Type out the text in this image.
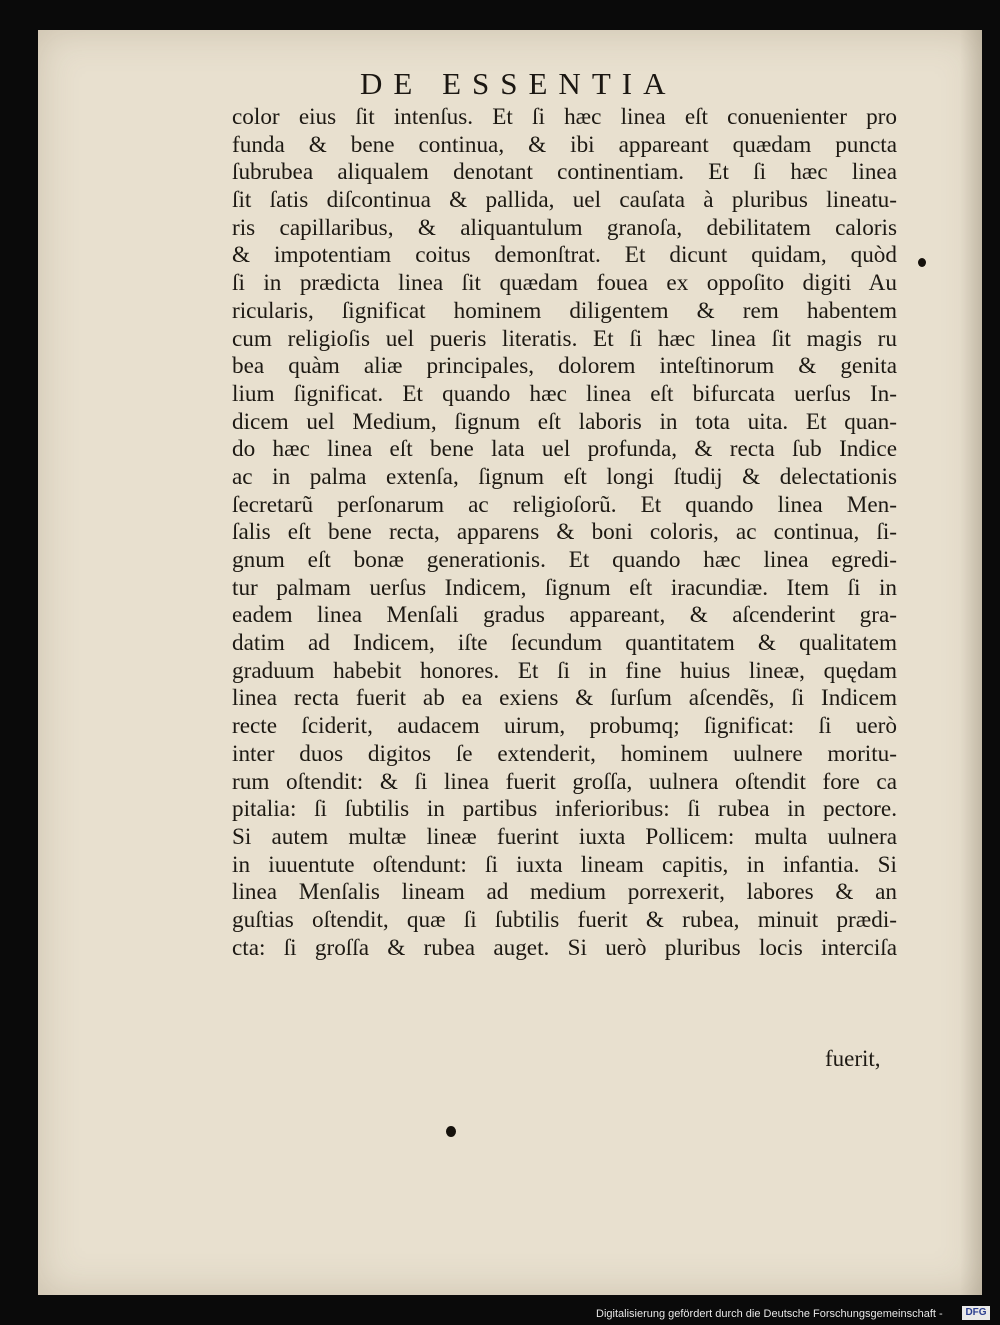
DE ESSENTIA
color eius ſit intenſus. Et ſi hæc linea eſt conuenienter pro
funda & bene continua, & ibi appareant quædam puncta
ſubrubea aliqualem denotant continentiam. Et ſi hæc linea
ſit ſatis diſcontinua & pallida, uel cauſata à pluribus lineatu-
ris capillaribus, & aliquantulum granoſa, debilitatem caloris
& impotentiam coitus demonſtrat. Et dicunt quidam, quòd
ſi in prædicta linea ſit quædam fouea ex oppoſito digiti Au
ricularis, ſignificat hominem diligentem & rem habentem
cum religioſis uel pueris literatis. Et ſi hæc linea ſit magis ru
bea quàm aliæ principales, dolorem inteſtinorum & genita
lium ſignificat. Et quando hæc linea eſt bifurcata uerſus In-
dicem uel Medium, ſignum eſt laboris in tota uita. Et quan-
do hæc linea eſt bene lata uel profunda, & recta ſub Indice
ac in palma extenſa, ſignum eſt longi ſtudij & delectationis
ſecretarũ perſonarum ac religioſorũ. Et quando linea Men-
ſalis eſt bene recta, apparens & boni coloris, ac continua, ſi-
gnum eſt bonæ generationis. Et quando hæc linea egredi-
tur palmam uerſus Indicem, ſignum eſt iracundiæ. Item ſi in
eadem linea Menſali gradus appareant, & aſcenderint gra-
datim ad Indicem, iſte ſecundum quantitatem & qualitatem
graduum habebit honores. Et ſi in fine huius lineæ, quędam
linea recta fuerit ab ea exiens & ſurſum aſcendẽs, ſi Indicem
recte ſciderit, audacem uirum, probumq; ſignificat: ſi uerò
inter duos digitos ſe extenderit, hominem uulnere moritu-
rum oſtendit: & ſi linea fuerit groſſa, uulnera oſtendit fore ca
pitalia: ſi ſubtilis in partibus inferioribus: ſi rubea in pectore.
Si autem multæ lineæ fuerint iuxta Pollicem: multa uulnera
in iuuentute oſtendunt: ſi iuxta lineam capitis, in infantia. Si
linea Menſalis lineam ad medium porrexerit, labores & an
guſtias oſtendit, quæ ſi ſubtilis fuerit & rubea, minuit prædi-
cta: ſi groſſa & rubea auget. Si uerò pluribus locis interciſa
fuerit,
Digitalisierung gefördert durch die Deutsche Forschungsgemeinschaft -	DFG
